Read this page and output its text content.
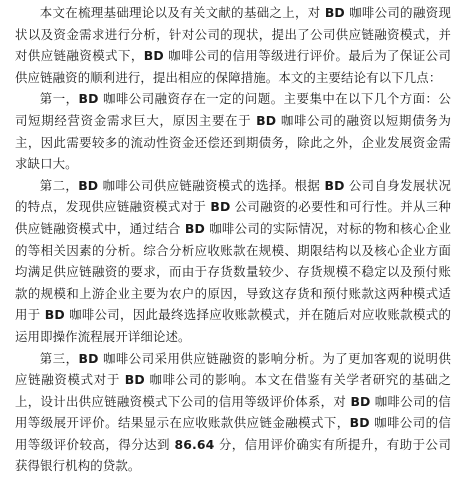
本文在梳理基础理论以及有关文献的基础之上，对 BD 咖啡公司的融资现状以及资金需求进行分析，针对公司的现状，提出了公司供应链融资模式，并对供应链融资模式下，BD 咖啡公司的信用等级进行评价。最后为了保证公司供应链融资的顺利进行，提出相应的保障措施。本文的主要结论有以下几点：

第一，BD 咖啡公司融资存在一定的问题。主要集中在以下几个方面：公司短期经营资金需求巨大，原因主要在于 BD 咖啡公司的融资以短期债务为主，因此需要较多的流动性资金还偿还到期债务，除此之外，企业发展资金需求缺口大。

第二，BD 咖啡公司供应链融资模式的选择。根据 BD 公司自身发展状况的特点，发现供应链融资模式对于 BD 公司融资的必要性和可行性。并从三种供应链融资模式中，通过结合 BD 咖啡公司的实际情况，对标的物和核心企业的等相关因素的分析。综合分析应收账款在规模、期限结构以及核心企业方面均满足供应链融资的要求，而由于存货数量较少、存货规模不稳定以及预付账款的规模和上游企业主要为农户的原因，导致这存货和预付账款这两种模式适用于 BD 咖啡公司，因此最终选择应收账款模式，并在随后对应收账款模式的运用即操作流程展开详细论述。

第三，BD 咖啡公司采用供应链融资的影响分析。为了更加客观的说明供应链融资模式对于 BD 咖啡公司的影响。本文在借鉴有关学者研究的基础之上，设计出供应链融资模式下公司的信用等级评价体系，对 BD 咖啡公司的信用等级展开评价。结果显示在应收账款供应链金融模式下，BD 咖啡公司的信用等级评价较高，得分达到 86.64 分，信用评价确实有所提升，有助于公司获得银行机构的贷款。
